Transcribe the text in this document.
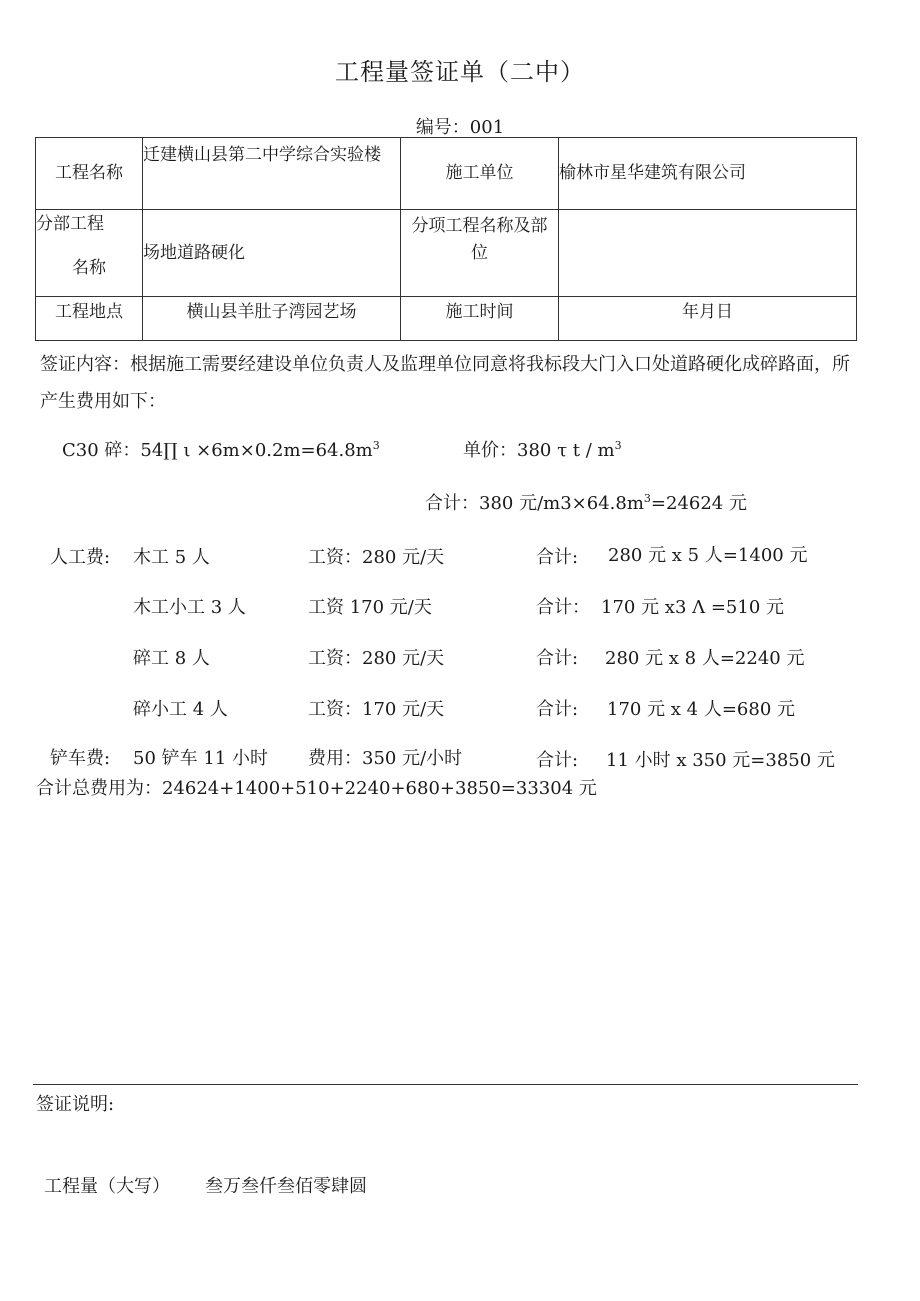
工程量签证单（二中）
编号：001
工程名称	迁建横山县第二中学综合实验楼	施工单位	榆林市星华建筑有限公司

分部工程
名称	场地道路硬化	分项工程名称及部位	
工程地点	横山县羊肚子湾园艺场	施工时间	年月日
签证内容：根据施工需要经建设单位负责人及监理单位同意将我标段大门入口处道路硬化成碎路面，所产生费用如下：
C30 碎：54∏ $\iota \times 6m\times 0.2m=64.8m^3$	单价：380 τ t / $m^3$
合计：380 元$/m3\times 64.8m^3=24624$ 元
人工费: 木工 5 人	工资：280 元/天	合计: 280 元 x 5 人=1400 元
木工小工 3 人	工资 170 元/天	合计： 170 元 x3 Λ =510 元
碎工 8 人	工资：280 元/天	合计: 280 元 x 8 人=2240 元
碎小工 4 人	工资：170 元/天	合计: 170 元 x 4 人=680 元
铲车费: 50 铲车 11 小时 费用：350 元/小时	合计: 11 小时 x 350 元=3850 元
合计总费用为：24624+1400+510+2240+680+3850=33304 元
签证说明:
工程量（大写） 叁万叁仟叁佰零肆圆
